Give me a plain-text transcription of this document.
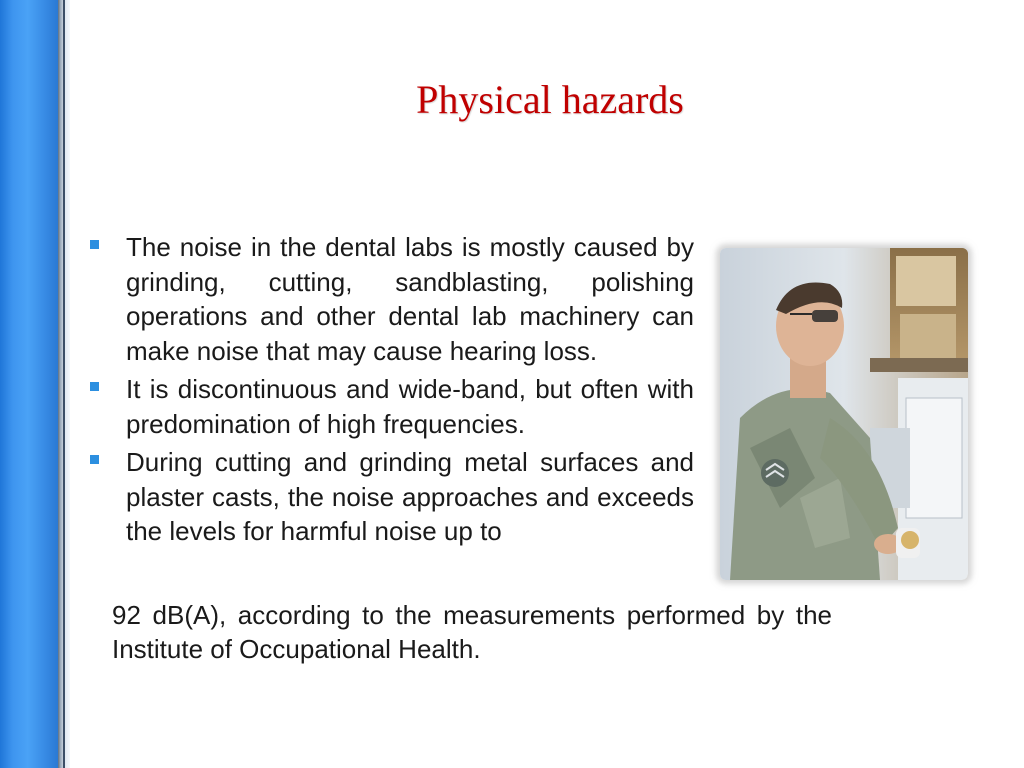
Physical hazards
The noise in the dental labs is mostly caused by grinding, cutting, sandblasting, polishing operations and other dental lab machinery can make noise that may cause hearing loss.
It is discontinuous and wide-band, but often with predomination of high frequencies.
During cutting and grinding metal surfaces and plaster casts, the noise approaches and exceeds the levels for harmful noise up to
92 dB(A), according to the measurements performed by the Institute of Occupational Health.
